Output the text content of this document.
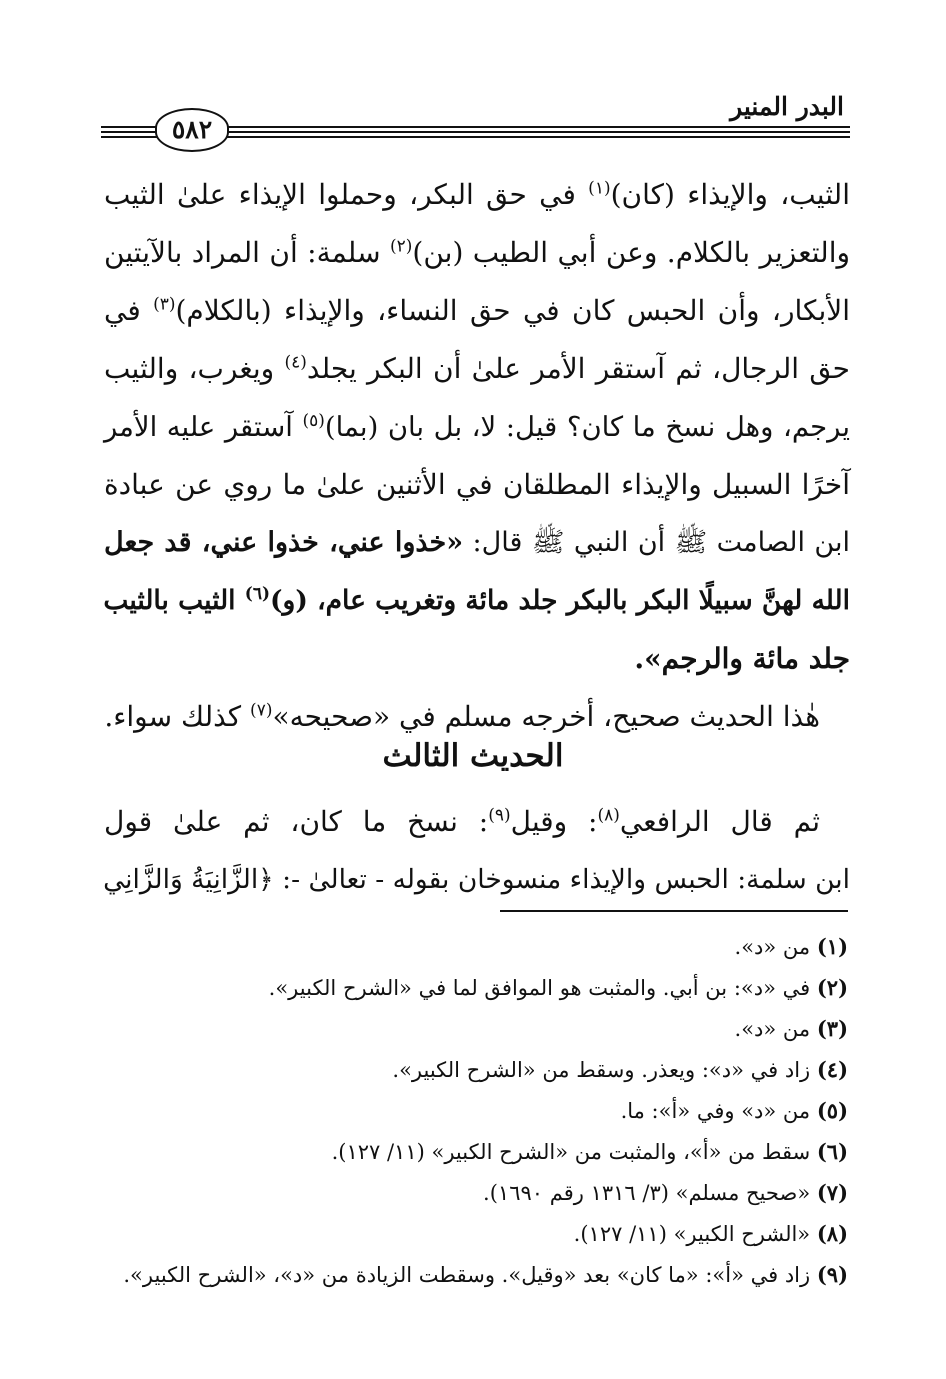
البدر المنير
٥٨٢
الثيب، والإيذاء (كان)$^{(١)}$ في حق البكر، وحملوا الإيذاء علىٰ الثيب
والتعزير بالكلام. وعن أبي الطيب (بن)$^{(٢)}$ سلمة: أن المراد بالآيتين
الأبكار، وأن الحبس كان في حق النساء، والإيذاء (بالكلام)$^{(٣)}$ في
حق الرجال، ثم آستقر الأمر علىٰ أن البكر يجلد$^{(٤)}$ ويغرب، والثيب
يرجم، وهل نسخ ما كان؟ قيل: لا، بل بان (بما)$^{(٥)}$ آستقر عليه الأمر
آخرًا السبيل والإيذاء المطلقان في الأثنين علىٰ ما روي عن عبادة
ابن الصامت ﷺ أن النبي ﷺ قال: «خذوا عني، خذوا عني، قد جعل
الله لهنَّ سبيلًا البكر بالبكر جلد مائة وتغريب عام، (و)$^{(٦)}$ الثيب بالثيب
جلد مائة والرجم».
هٰذا الحديث صحيح، أخرجه مسلم في «صحيحه»$^{(٧)}$ كذلك سواء.
الحديث الثالث
ثم قال الرافعي$^{(٨)}$: وقيل$^{(٩)}$: نسخ ما كان، ثم علىٰ قول
ابن سلمة: الحبس والإيذاء منسوخان بقوله - تعالىٰ -: ﴿الزَّانِيَةُ وَالزَّانِي
(١) من «د».
(٢) في «د»: بن أبي. والمثبت هو الموافق لما في «الشرح الكبير».
(٣) من «د».
(٤) زاد في «د»: ويعذر. وسقط من «الشرح الكبير».
(٥) من «د» وفي «أ»: ما.
(٦) سقط من «أ»، والمثبت من «الشرح الكبير» (١١/ ١٢٧).
(٧) «صحيح مسلم» (٣/ ١٣١٦ رقم ١٦٩٠).
(٨) «الشرح الكبير» (١١/ ١٢٧).
(٩) زاد في «أ»: «ما كان» بعد «وقيل». وسقطت الزيادة من «د»، «الشرح الكبير».
